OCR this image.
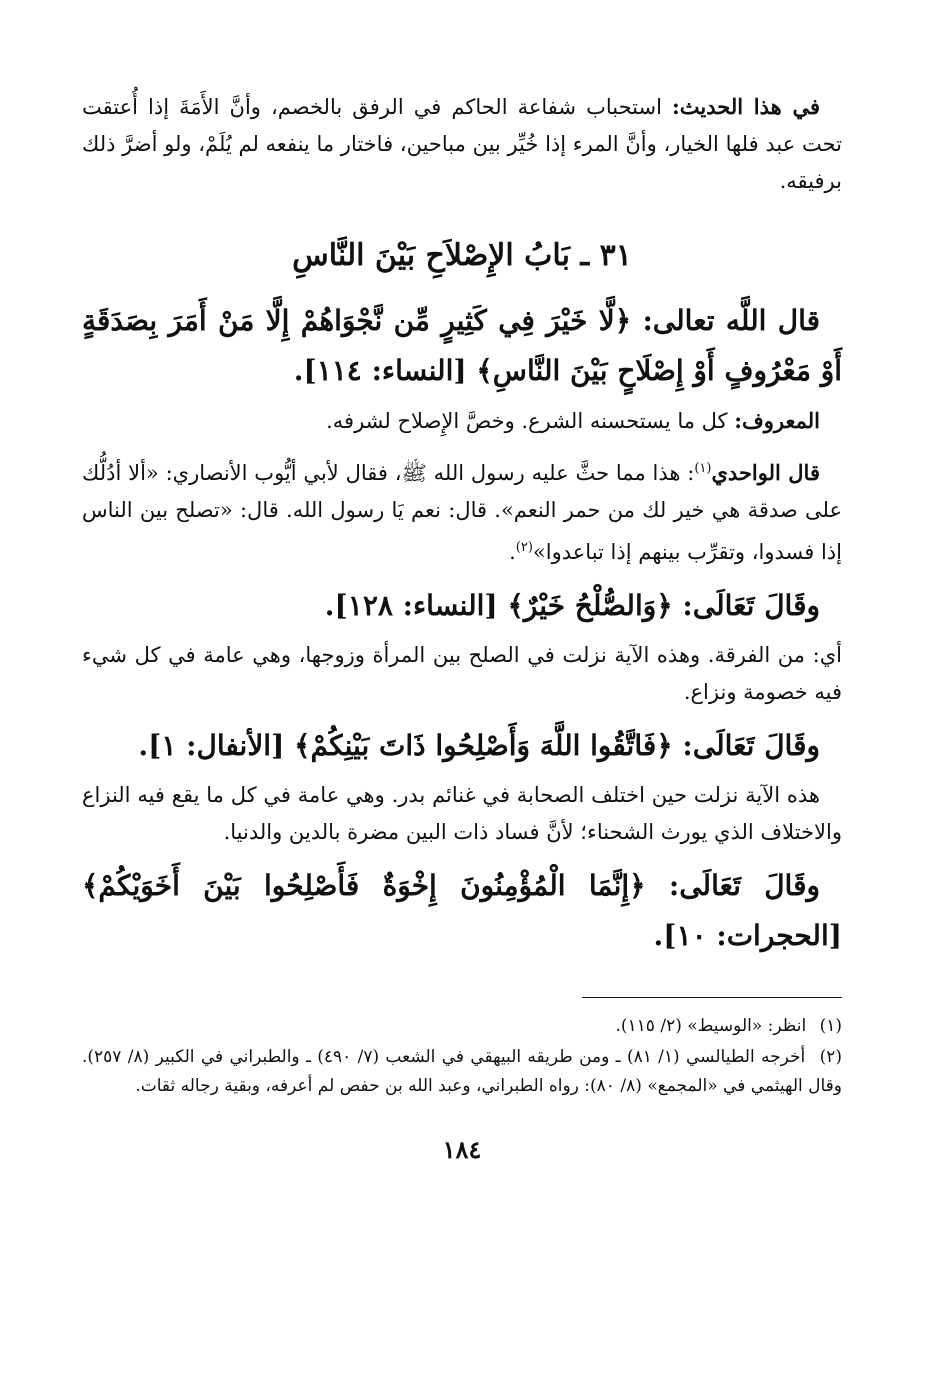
في هذا الحديث: استحباب شفاعة الحاكم في الرفق بالخصم، وأنَّ الأَمَةَ إذا أُعتقت تحت عبد فلها الخيار، وأنَّ المرء إذا خُيِّر بين مباحين، فاختار ما ينفعه لم يُلَمْ، ولو أضرَّ ذلك برفيقه.

٣١ ـ بَابُ الإِصْلاَحِ بَيْنَ النَّاسِ
قال اللَّه تعالى: ﴿لَّا خَيْرَ فِي كَثِيرٍ مِّن نَّجْوَاهُمْ إِلَّا مَنْ أَمَرَ بِصَدَقَةٍ أَوْ مَعْرُوفٍ أَوْ إِصْلَاحٍ بَيْنَ النَّاسِ﴾ [النساء: ١١٤].

المعروف: كل ما يستحسنه الشرع. وخصَّ الإِصلاح لشرفه.

قال الواحدي$^{(١)}$: هذا مما حثَّ عليه رسول الله ﷺ، فقال لأبي أيُّوب الأنصاري: «ألا أدُلُّك على صدقة هي خير لك من حمر النعم». قال: نعم يَا رسول الله. قال: «تصلح بين الناس إذا فسدوا، وتقرِّب بينهم إذا تباعدوا»$^{(٢)}$.

وقَالَ تَعَالَى: ﴿وَالصُّلْحُ خَيْرٌ﴾ [النساء: ١٢٨].

أي: من الفرقة. وهذه الآية نزلت في الصلح بين المرأة وزوجها، وهي عامة في كل شيء فيه خصومة ونزاع.

وقَالَ تَعَالَى: ﴿فَاتَّقُوا اللَّهَ وَأَصْلِحُوا ذَاتَ بَيْنِكُمْ﴾ [الأنفال: ١].

هذه الآية نزلت حين اختلف الصحابة في غنائم بدر. وهي عامة في كل ما يقع فيه النزاع والاختلاف الذي يورث الشحناء؛ لأنَّ فساد ذات البين مضرة بالدين والدنيا.

وقَالَ تَعَالَى: ﴿إِنَّمَا الْمُؤْمِنُونَ إِخْوَةٌ فَأَصْلِحُوا بَيْنَ أَخَوَيْكُمْ﴾ [الحجرات: ١٠].

(١) انظر: «الوسيط» (٢/ ١١٥).

(٢) أخرجه الطيالسي (١/ ٨١) ـ ومن طريقه البيهقي في الشعب (٧/ ٤٩٠) ـ والطبراني في الكبير (٨/ ٢٥٧). وقال الهيثمي في «المجمع» (٨/ ٨٠): رواه الطبراني، وعبد الله بن حفص لم أعرفه، وبقية رجاله ثقات.

١٨٤
